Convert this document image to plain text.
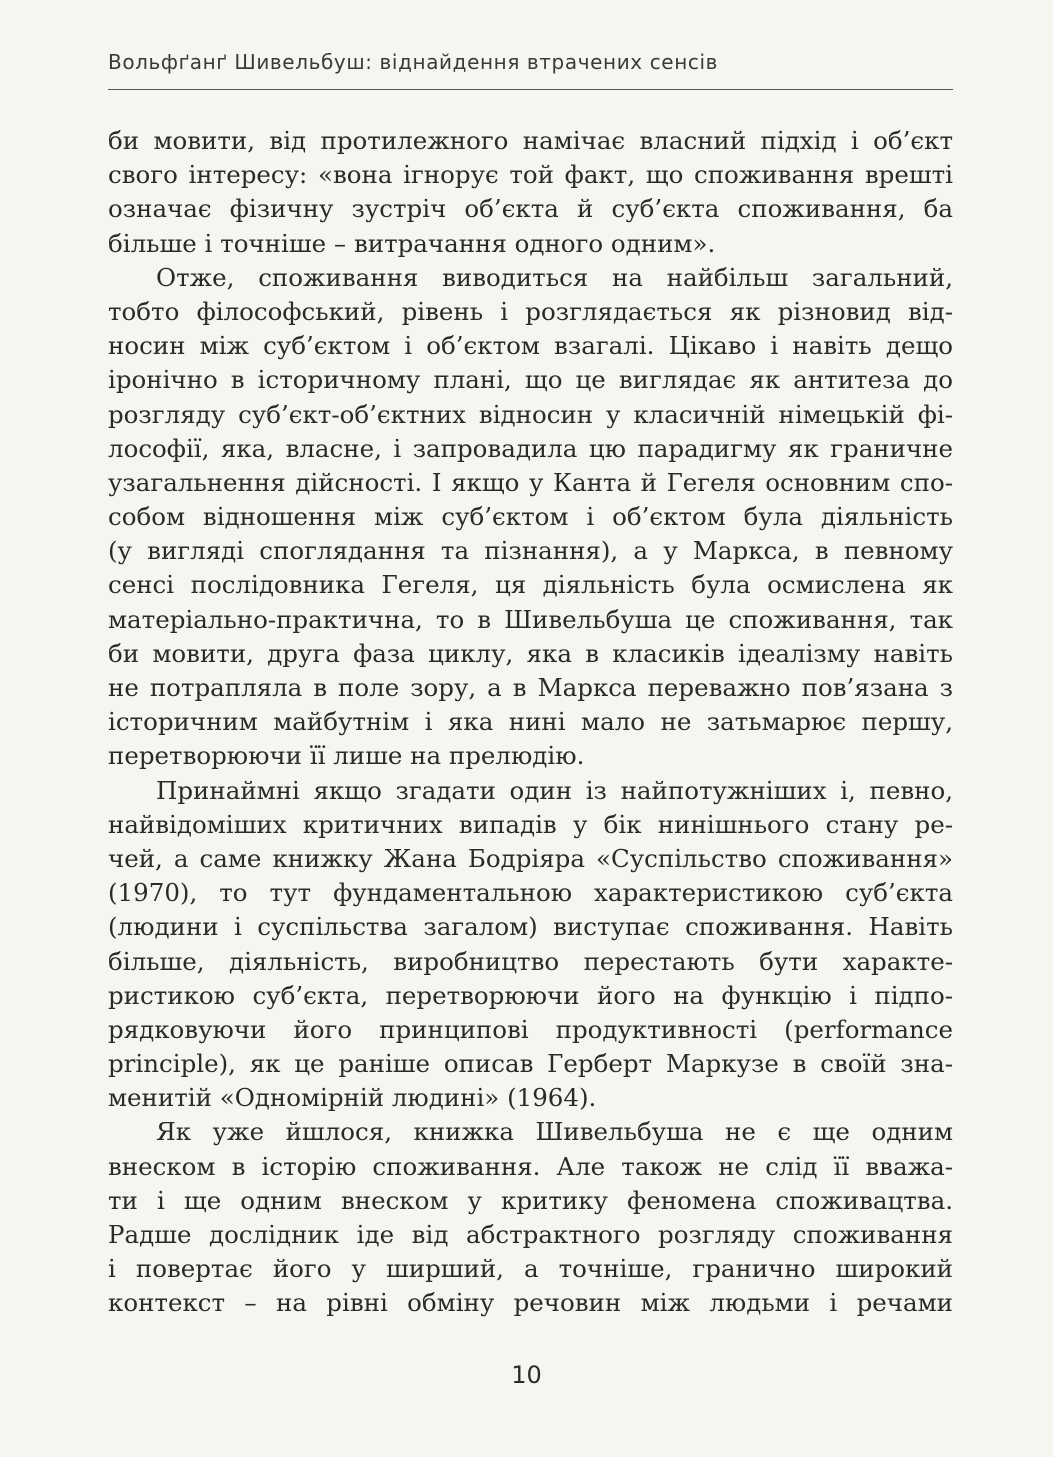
Вольфґанґ Шивельбуш: віднайдення втрачених сенсів
би мовити, від протилежного намічає власний підхід і об’єкт
свого інтересу: «вона ігнорує той факт, що споживання врешті
означає фізичну зустріч об’єкта й суб’єкта споживання, ба
більше і точніше – витрачання одного одним».
Отже, споживання виводиться на найбільш загальний,
тобто філософський, рівень і розглядається як різновид від-
носин між суб’єктом і об’єктом взагалі. Цікаво і навіть дещо
іронічно в історичному плані, що це виглядає як антитеза до
розгляду суб’єкт-об’єктних відносин у класичній німецькій фі-
лософії, яка, власне, і запровадила цю парадигму як граничне
узагальнення дійсності. І якщо у Канта й Гегеля основним спо-
собом відношення між суб’єктом і об’єктом була діяльність
(у вигляді споглядання та пізнання), а у Маркса, в певному
сенсі послідовника Гегеля, ця діяльність була осмислена як
матеріально-практична, то в Шивельбуша це споживання, так
би мовити, друга фаза циклу, яка в класиків ідеалізму навіть
не потрапляла в поле зору, а в Маркса переважно пов’язана з
історичним майбутнім і яка нині мало не затьмарює першу,
перетворюючи її лише на прелюдію.
Принаймні якщо згадати один із найпотужніших і, певно,
найвідоміших критичних випадів у бік нинішнього стану ре-
чей, а саме книжку Жана Бодріяра «Суспільство споживання»
(1970), то тут фундаментальною характеристикою суб’єкта
(людини і суспільства загалом) виступає споживання. Навіть
більше, діяльність, виробництво перестають бути характе-
ристикою суб’єкта, перетворюючи його на функцію і підпо-
рядковуючи його принципові продуктивності (performance
principle), як це раніше описав Герберт Маркузе в своїй зна-
менитій «Одномірній людині» (1964).
Як уже йшлося, книжка Шивельбуша не є ще одним
внеском в історію споживання. Але також не слід її вважа-
ти і ще одним внеском у критику феномена споживацтва.
Радше дослідник іде від абстрактного розгляду споживання
і повертає його у ширший, а точніше, гранично широкий
контекст – на рівні обміну речовин між людьми і речами
10
